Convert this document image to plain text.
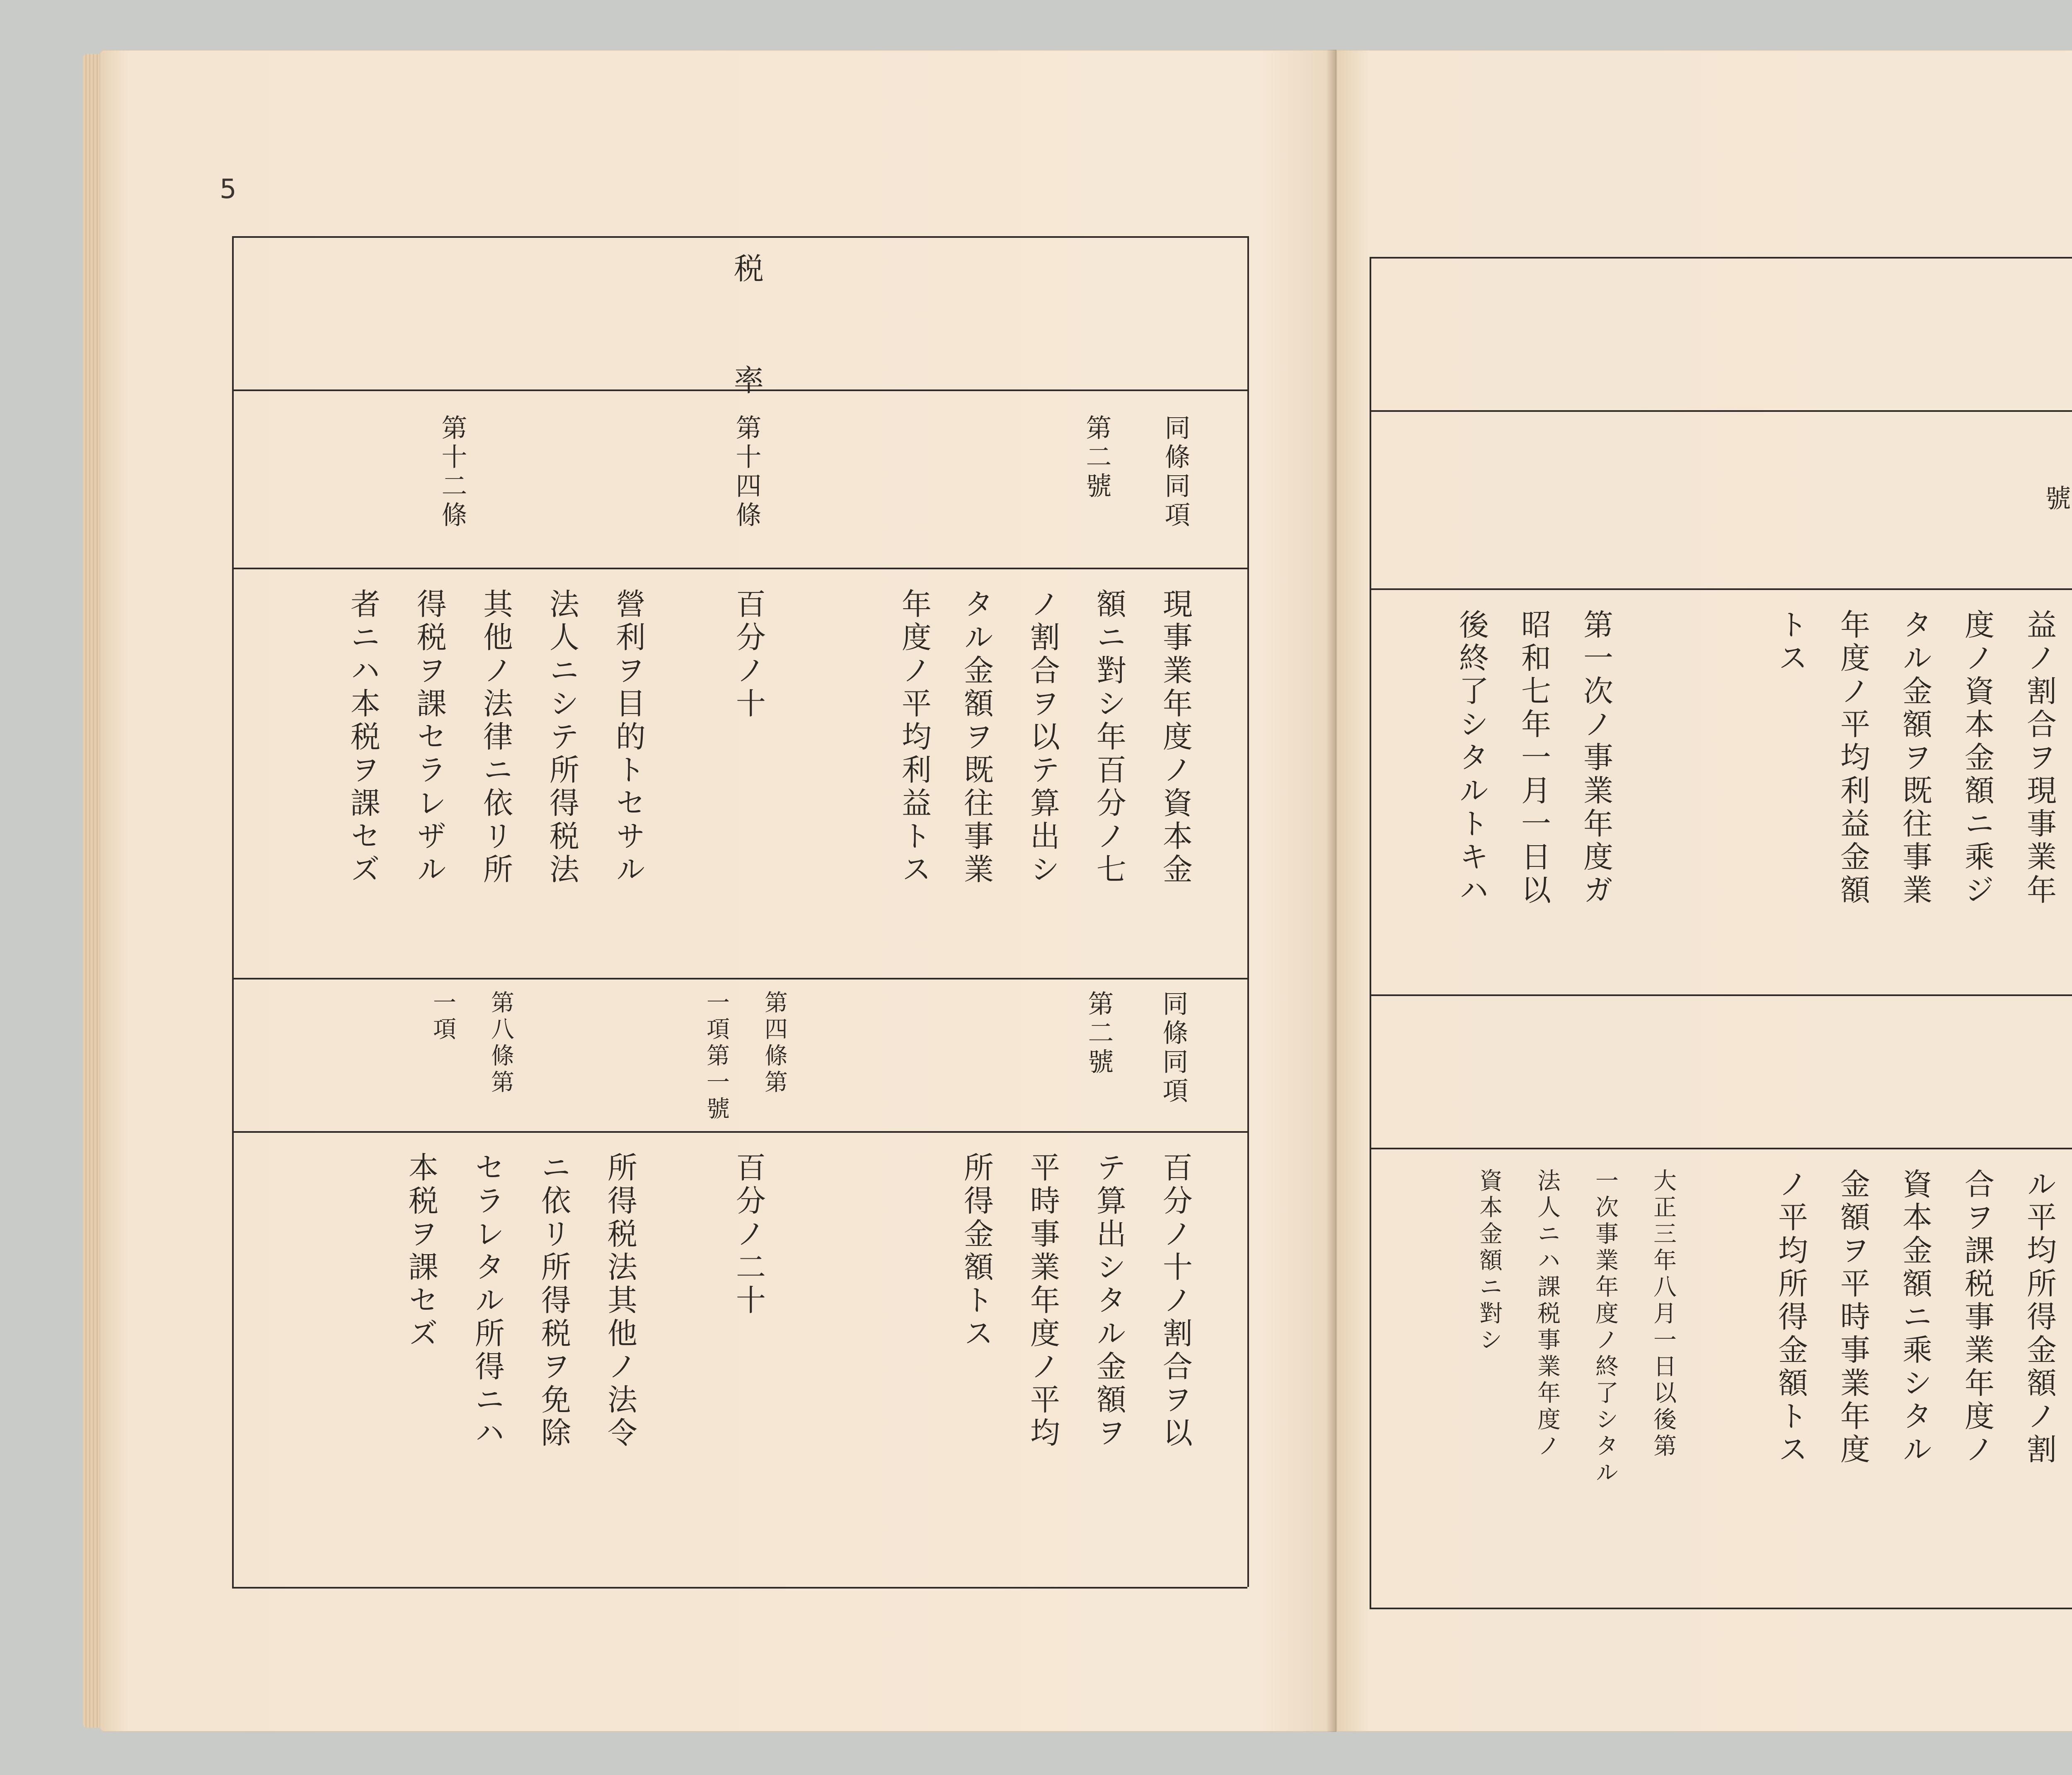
5
税
率
同條同項
第二號
第十四條
第十二條
現事業年度ノ資本金
額ニ對シ年百分ノ七
ノ割合ヲ以テ算出シ
タル金額ヲ既往事業
年度ノ平均利益トス
百分ノ十
營利ヲ目的トセサル
法人ニシテ所得税法
其他ノ法律ニ依リ所
得税ヲ課セラレザル
者ニハ本税ヲ課セズ
同條同項
第二號
第四條第
一項第一號
第八條第
一項
百分ノ十ノ割合ヲ以
テ算出シタル金額ヲ
平時事業年度ノ平均
所得金額トス
百分ノ二十
所得税法其他ノ法令
ニ依リ所得税ヲ免除
セラレタル所得ニハ
本税ヲ課セズ
號
益ノ割合ヲ現事業年
度ノ資本金額ニ乘ジ
タル金額ヲ既往事業
年度ノ平均利益金額
トス
第一次ノ事業年度ガ
昭和七年一月一日以
後終了シタルトキハ
ル平均所得金額ノ割
合ヲ課税事業年度ノ
資本金額ニ乘シタル
金額ヲ平時事業年度
ノ平均所得金額トス
大正三年八月一日以後第
一次事業年度ノ終了シタル
法人ニハ課税事業年度ノ
資本金額ニ對シ
